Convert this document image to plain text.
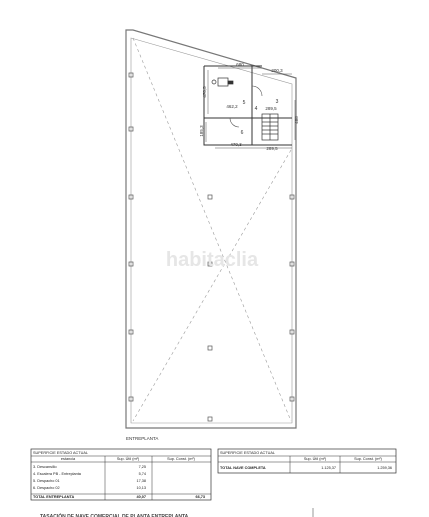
680
200,3
478,5
462,2	289,5
185,3
470,3
289,5
488
5	3
4
6
habitaclia
ENTREPLANTA
SUPERFICIE ESTADO ACTUAL
estancia	Sup. Útil (m²)	Sup. Const. (m²)
3. Descansillo	7,25
4. Escalera PB - Entreplanta	5,74
5. Despacho 01	17,38
6. Despacho 02	10,13
TOTAL ENTREPLANTA	40,07	66,73
SUPERFICIE ESTADO ACTUAL
Sup. Útil (m²)	Sup. Const. (m²)
TOTAL NAVE COMPLETA	1.125,37	1.259,36
TASACIÓN DE NAVE COMERCIAL DE PLANTA ENTREPLANTA
